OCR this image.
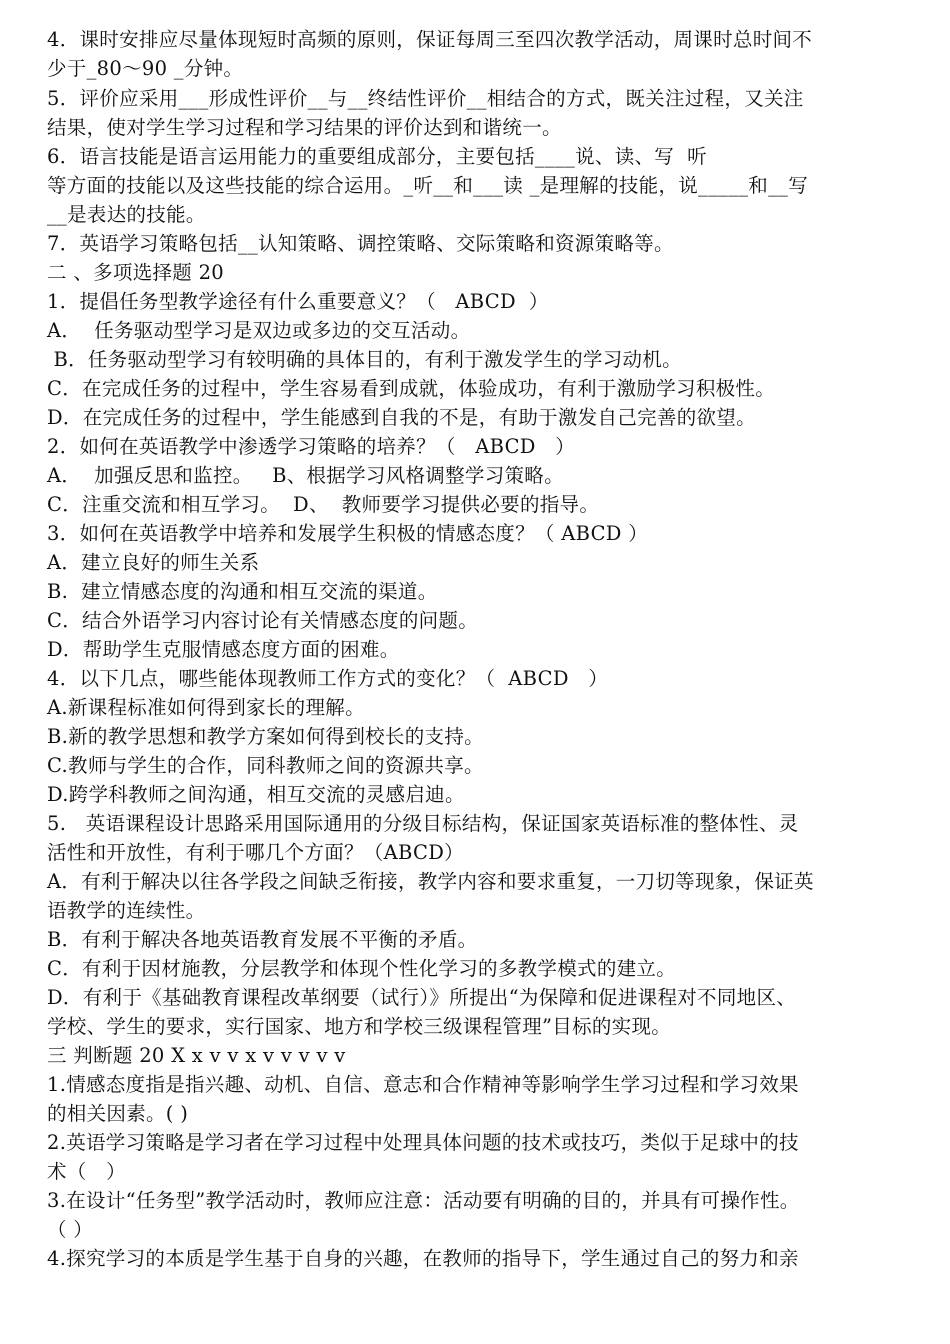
4．课时安排应尽量体现短时高频的原则，保证每周三至四次教学活动，周课时总时间不
少于_80～90 _分钟。
5．评价应采用___形成性评价__与__终结性评价__相结合的方式，既关注过程，又关注
结果，使对学生学习过程和学习结果的评价达到和谐统一。
6．语言技能是语言运用能力的重要组成部分，主要包括____说、读、写  听
等方面的技能以及这些技能的综合运用。_听__和___读 _是理解的技能，说_____和__写
__是表达的技能。
7．英语学习策略包括__认知策略、调控策略、交际策略和资源策略等。
二 、多项选择题 20
1．提倡任务型教学途径有什么重要意义？（   ABCD  ）
A．  任务驱动型学习是双边或多边的交互活动。
B．任务驱动型学习有较明确的具体目的，有利于激发学生的学习动机。
C．在完成任务的过程中，学生容易看到成就，体验成功，有利于激励学习积极性。
D．在完成任务的过程中，学生能感到自我的不是，有助于激发自己完善的欲望。
2．如何在英语教学中渗透学习策略的培养？（   ABCD   ）
A．  加强反思和监控。   B、根据学习风格调整学习策略。
C．注重交流和相互学习。  D、  教师要学习提供必要的指导。
3．如何在英语教学中培养和发展学生积极的情感态度？（ ABCD ）
A．建立良好的师生关系
B.  建立情感态度的沟通和相互交流的渠道。
C．结合外语学习内容讨论有关情感态度的问题。
D．帮助学生克服情感态度方面的困难。
4．以下几点，哪些能体现教师工作方式的变化？（  ABCD   ）
A.新课程标准如何得到家长的理解。
B.新的教学思想和教学方案如何得到校长的支持。
C.教师与学生的合作，同科教师之间的资源共享。
D.跨学科教师之间沟通，相互交流的灵感启迪。
5.   英语课程设计思路采用国际通用的分级目标结构，保证国家英语标准的整体性、灵
活性和开放性，有利于哪几个方面？（ABCD）
A．有利于解决以往各学段之间缺乏衔接，教学内容和要求重复，一刀切等现象，保证英
语教学的连续性。
B．有利于解决各地英语教育发展不平衡的矛盾。
C．有利于因材施教，分层教学和体现个性化学习的多教学模式的建立。
D．有利于《基础教育课程改革纲要（试行）》所提出“为保障和促进课程对不同地区、
学校、学生的要求，实行国家、地方和学校三级课程管理”目标的实现。
三 判断题 20 X x v v x v v v v v
1.情感态度指是指兴趣、动机、自信、意志和合作精神等影响学生学习过程和学习效果
的相关因素。( )
2.英语学习策略是学习者在学习过程中处理具体问题的技术或技巧，类似于足球中的技
术（   ）
3.在设计“任务型”教学活动时，教师应注意：活动要有明确的目的，并具有可操作性。
（ ）
4.探究学习的本质是学生基于自身的兴趣，在教师的指导下，学生通过自己的努力和亲
